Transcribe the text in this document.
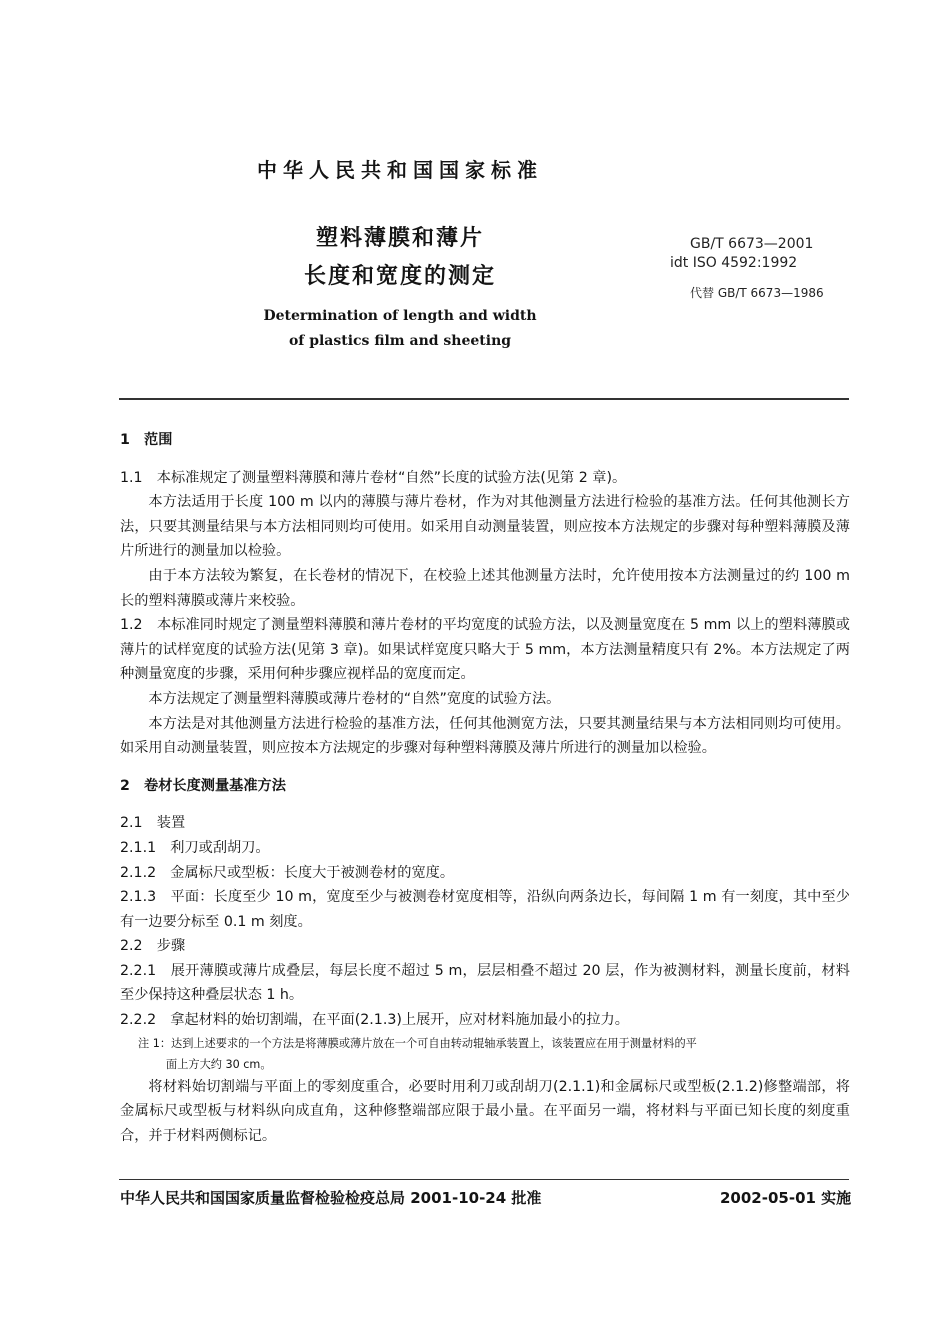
中华人民共和国国家标准
塑料薄膜和薄片
长度和宽度的测定
Determination of length and width
of plastics film and sheeting
GB/T 6673—2001
idt ISO 4592:1992
代替 GB/T 6673—1986

1　范围

1.1　本标准规定了测量塑料薄膜和薄片卷材“自然”长度的试验方法(见第 2 章)。

本方法适用于长度 100 m 以内的薄膜与薄片卷材，作为对其他测量方法进行检验的基准方法。任何其他测长方法，只要其测量结果与本方法相同则均可使用。如采用自动测量装置，则应按本方法规定的步骤对每种塑料薄膜及薄片所进行的测量加以检验。

由于本方法较为繁复，在长卷材的情况下，在校验上述其他测量方法时，允许使用按本方法测量过的约 100 m 长的塑料薄膜或薄片来校验。

1.2　本标准同时规定了测量塑料薄膜和薄片卷材的平均宽度的试验方法，以及测量宽度在 5 mm 以上的塑料薄膜或薄片的试样宽度的试验方法(见第 3 章)。如果试样宽度只略大于 5 mm，本方法测量精度只有 2%。本方法规定了两种测量宽度的步骤，采用何种步骤应视样品的宽度而定。

本方法规定了测量塑料薄膜或薄片卷材的“自然”宽度的试验方法。

本方法是对其他测量方法进行检验的基准方法，任何其他测宽方法，只要其测量结果与本方法相同则均可使用。如采用自动测量装置，则应按本方法规定的步骤对每种塑料薄膜及薄片所进行的测量加以检验。

2　卷材长度测量基准方法

2.1　装置

2.1.1　利刀或刮胡刀。

2.1.2　金属标尺或型板：长度大于被测卷材的宽度。

2.1.3　平面：长度至少 10 m，宽度至少与被测卷材宽度相等，沿纵向两条边长，每间隔 1 m 有一刻度，其中至少有一边要分标至 0.1 m 刻度。

2.2　步骤

2.2.1　展开薄膜或薄片成叠层，每层长度不超过 5 m，层层相叠不超过 20 层，作为被测材料，测量长度前，材料至少保持这种叠层状态 1 h。

2.2.2　拿起材料的始切割端，在平面(2.1.3)上展开，应对材料施加最小的拉力。

注 1：达到上述要求的一个方法是将薄膜或薄片放在一个可自由转动辊轴承装置上，该装置应在用于测量材料的平

面上方大约 30 cm。

将材料始切割端与平面上的零刻度重合，必要时用利刀或刮胡刀(2.1.1)和金属标尺或型板(2.1.2)修整端部，将金属标尺或型板与材料纵向成直角，这种修整端部应限于最小量。在平面另一端，将材料与平面已知长度的刻度重合，并于材料两侧标记。

中华人民共和国国家质量监督检验检疫总局 2001-10-24 批准	2002-05-01 实施
